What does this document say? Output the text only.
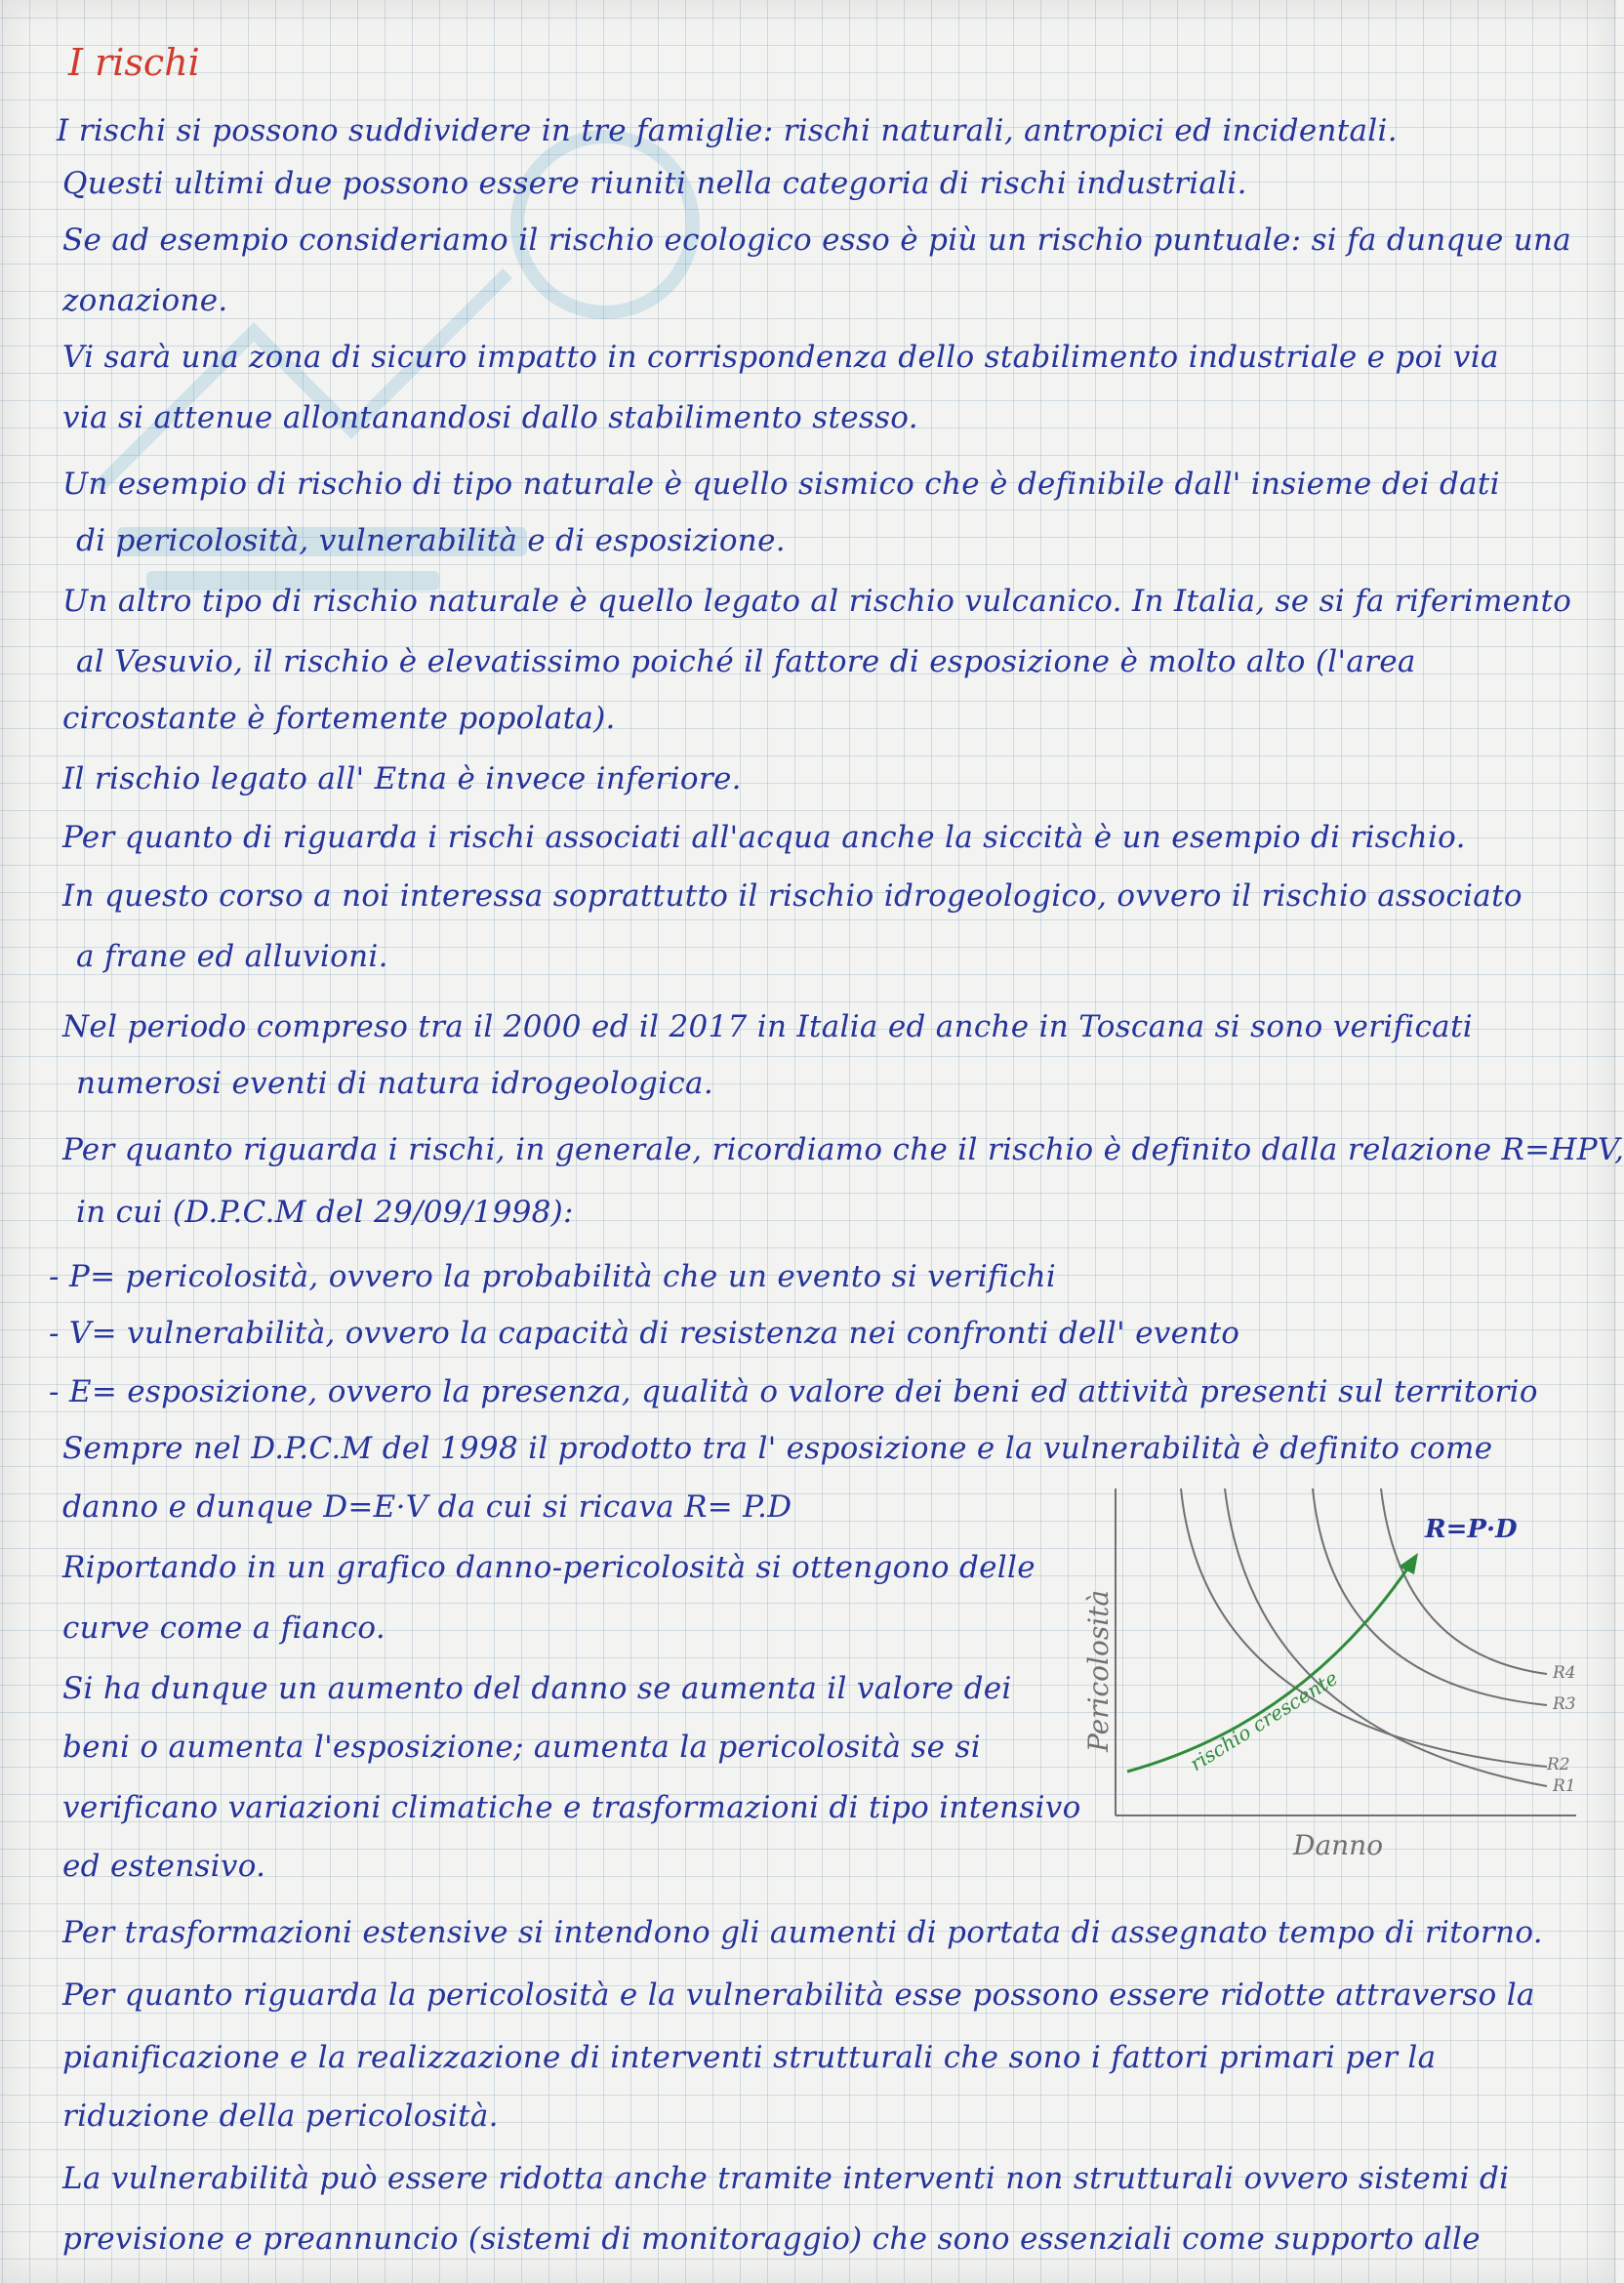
I rischi

I rischi si possono suddividere in tre famiglie: rischi naturali, antropici ed incidentali.

Questi ultimi due possono essere riuniti nella categoria di rischi industriali.

Se ad esempio consideriamo il rischio ecologico esso è più un rischio puntuale: si fa dunque una

zonazione.

Vi sarà una zona di sicuro impatto in corrispondenza dello stabilimento industriale e poi via

via si attenue allontanandosi dallo stabilimento stesso.

Un esempio di rischio di tipo naturale è quello sismico che è definibile dall' insieme dei dati

di pericolosità, vulnerabilità e di esposizione.

Un altro tipo di rischio naturale è quello legato al rischio vulcanico. In Italia, se si fa riferimento

al Vesuvio, il rischio è elevatissimo poiché il fattore di esposizione è molto alto (l'area

circostante è fortemente popolata).

Il rischio legato all' Etna è invece inferiore.

Per quanto di riguarda i rischi associati all'acqua anche la siccità è un esempio di rischio.

In questo corso a noi interessa soprattutto il rischio idrogeologico, ovvero il rischio associato

a frane ed alluvioni.

Nel periodo compreso tra il 2000 ed il 2017 in Italia ed anche in Toscana si sono verificati

numerosi eventi di natura idrogeologica.

Per quanto riguarda i rischi, in generale, ricordiamo che il rischio è definito dalla relazione R=HPV,

in cui (D.P.C.M del 29/09/1998):

- P= pericolosità, ovvero la probabilità che un evento si verifichi

- V= vulnerabilità, ovvero la capacità di resistenza nei confronti dell' evento

- E= esposizione, ovvero la presenza, qualità o valore dei beni ed attività presenti sul territorio

Sempre nel D.P.C.M del 1998 il prodotto tra l' esposizione e la vulnerabilità è definito come

danno e dunque D=E·V da cui si ricava R= P.D

Riportando in un grafico danno-pericolosità si ottengono delle

curve come a fianco.

Si ha dunque un aumento del danno se aumenta il valore dei

beni o aumenta l'esposizione; aumenta la pericolosità se si

verificano variazioni climatiche e trasformazioni di tipo intensivo

ed estensivo.

Per trasformazioni estensive si intendono gli aumenti di portata di assegnato tempo di ritorno.

Per quanto riguarda la pericolosità e la vulnerabilità esse possono essere ridotte attraverso la

pianificazione e la realizzazione di interventi strutturali che sono i fattori primari per la

riduzione della pericolosità.

La vulnerabilità può essere ridotta anche tramite interventi non strutturali ovvero sistemi di

previsione e preannuncio (sistemi di monitoraggio) che sono essenziali come supporto alle

R=P·D
R4
R3
R2
R1
Danno
Pericolosità	rischio crescente
